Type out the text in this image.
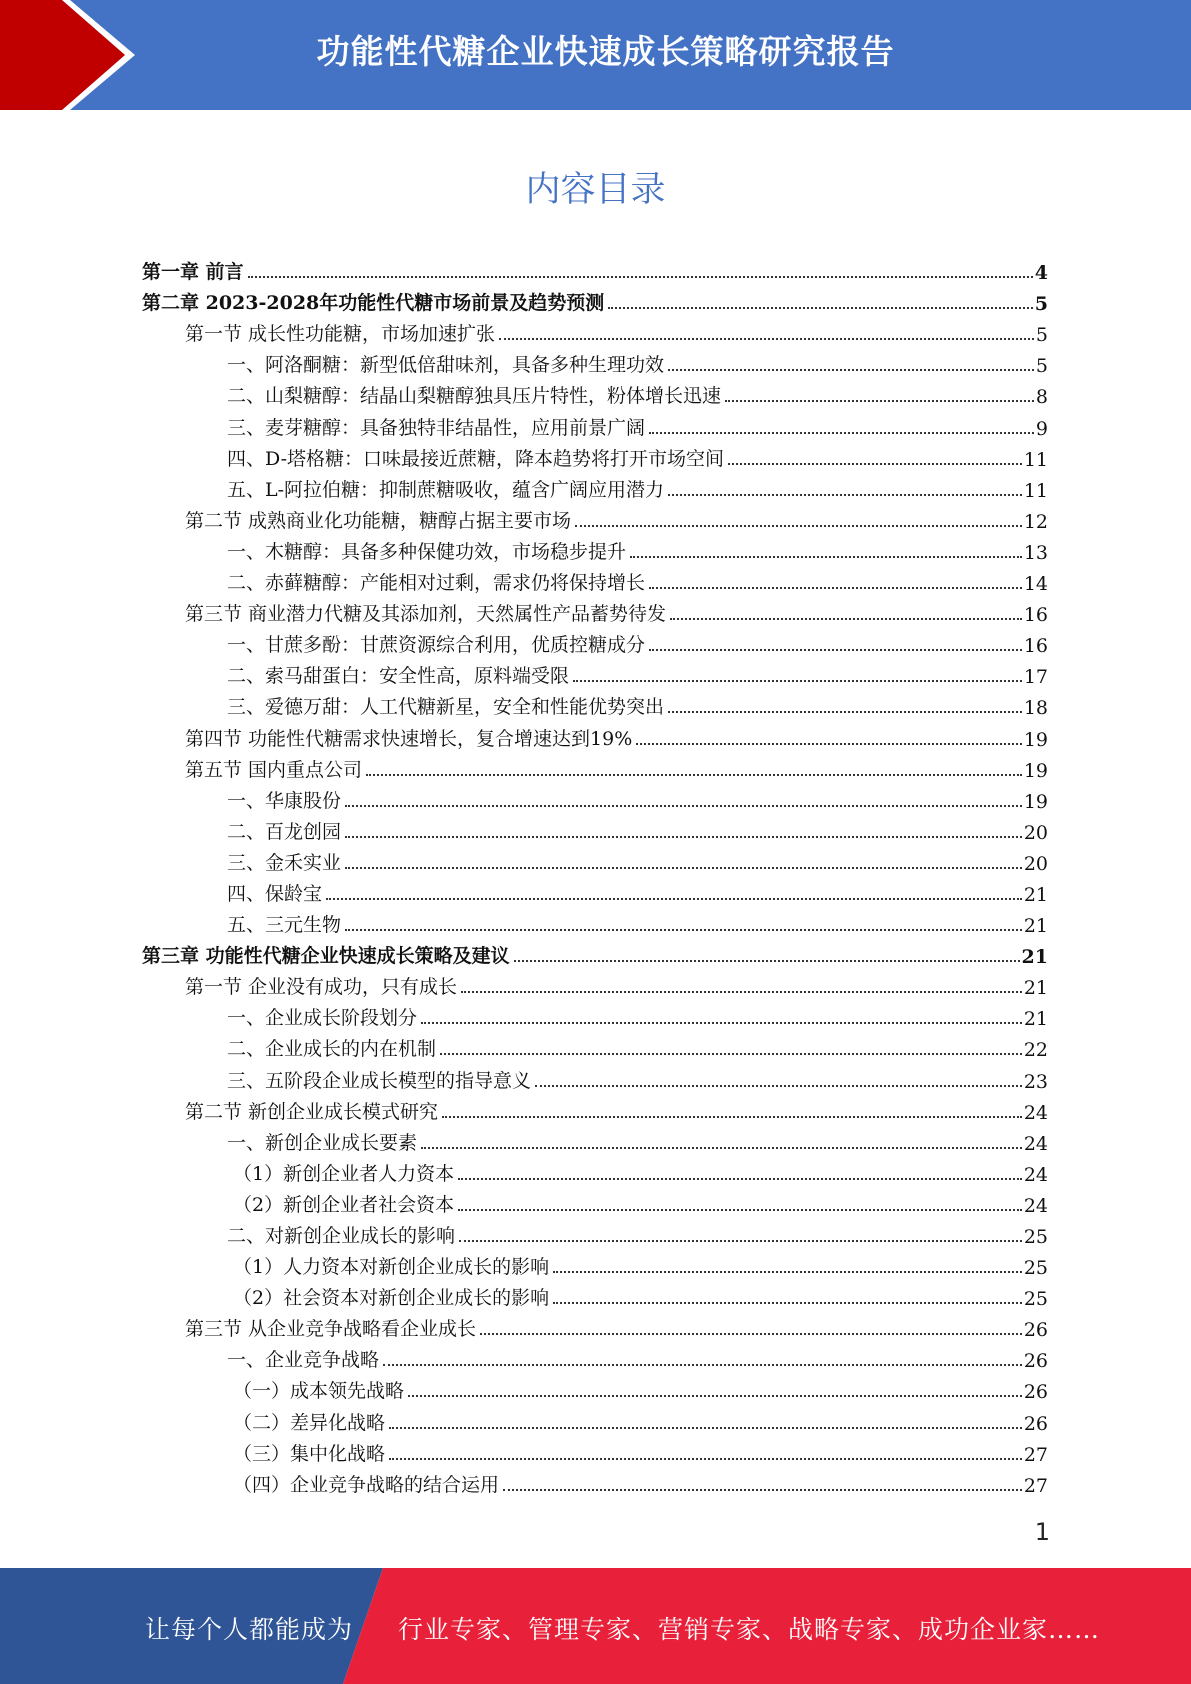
功能性代糖企业快速成长策略研究报告
内容目录
第一章 前言	4
第二章 2023-2028年功能性代糖市场前景及趋势预测	5
第一节 成长性功能糖，市场加速扩张	5
一、阿洛酮糖：新型低倍甜味剂，具备多种生理功效	5
二、山梨糖醇：结晶山梨糖醇独具压片特性，粉体增长迅速	8
三、麦芽糖醇：具备独特非结晶性，应用前景广阔	9
四、D-塔格糖：口味最接近蔗糖，降本趋势将打开市场空间	11
五、L-阿拉伯糖：抑制蔗糖吸收，蕴含广阔应用潜力	11
第二节 成熟商业化功能糖，糖醇占据主要市场	12
一、木糖醇：具备多种保健功效，市场稳步提升	13
二、赤藓糖醇：产能相对过剩，需求仍将保持增长	14
第三节 商业潜力代糖及其添加剂，天然属性产品蓄势待发	16
一、甘蔗多酚：甘蔗资源综合利用，优质控糖成分	16
二、索马甜蛋白：安全性高，原料端受限	17
三、爱德万甜：人工代糖新星，安全和性能优势突出	18
第四节 功能性代糖需求快速增长，复合增速达到19%	19
第五节 国内重点公司	19
一、华康股份	19
二、百龙创园	20
三、金禾实业	20
四、保龄宝	21
五、三元生物	21
第三章 功能性代糖企业快速成长策略及建议	21
第一节 企业没有成功，只有成长	21
一、企业成长阶段划分	21
二、企业成长的内在机制	22
三、五阶段企业成长模型的指导意义	23
第二节 新创企业成长模式研究	24
一、新创企业成长要素	24
（1）新创企业者人力资本	24
（2）新创企业者社会资本	24
二、对新创企业成长的影响	25
（1）人力资本对新创企业成长的影响	25
（2）社会资本对新创企业成长的影响	25
第三节 从企业竞争战略看企业成长	26
一、企业竞争战略	26
（一）成本领先战略	26
（二）差异化战略	26
（三）集中化战略	27
（四）企业竞争战略的结合运用	27
1
让每个人都能成为 行业专家、管理专家、营销专家、战略专家、成功企业家……
